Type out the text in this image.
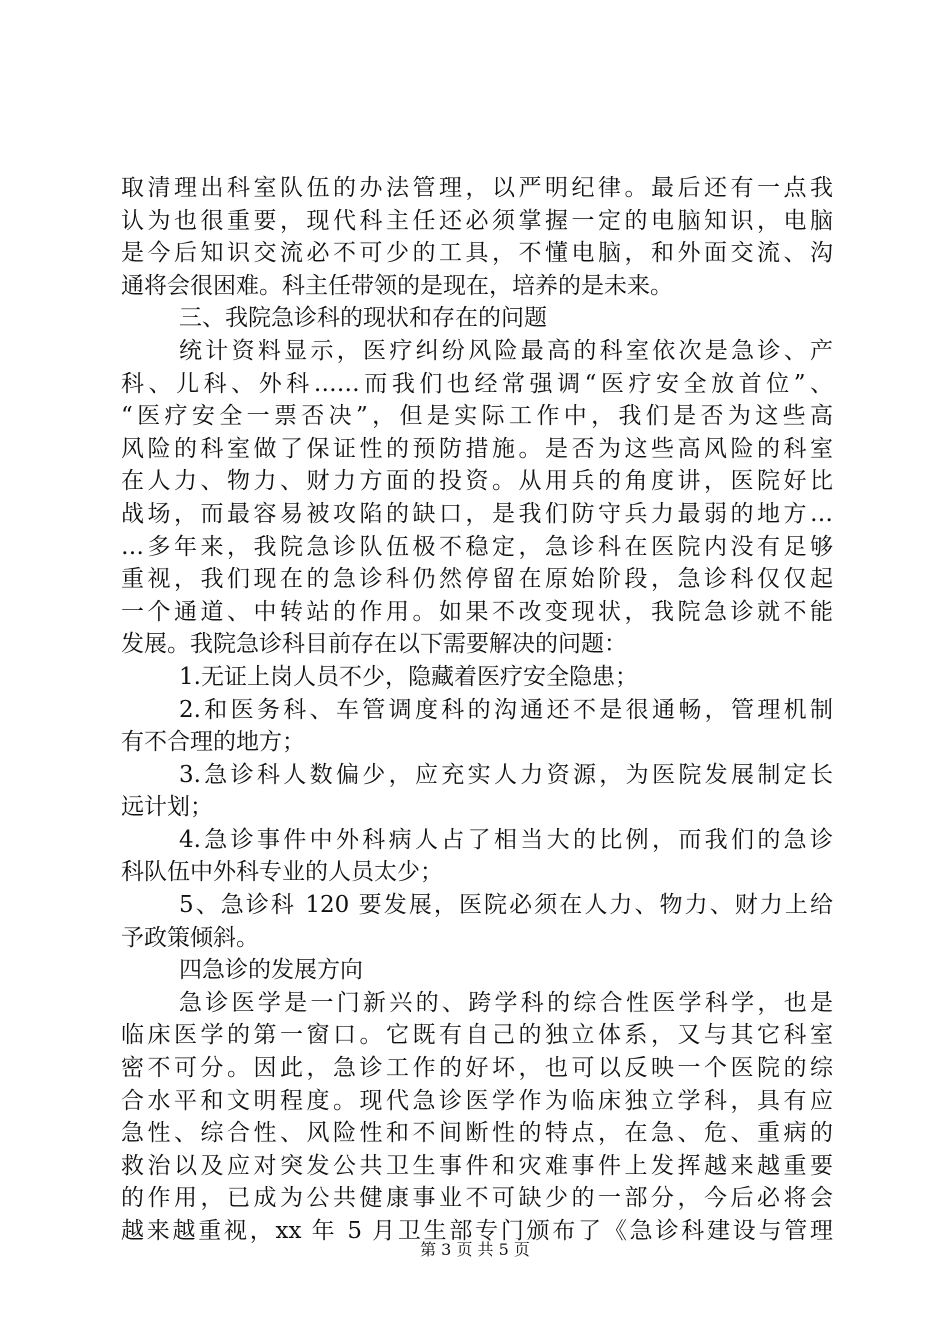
取清理出科室队伍的办法管理，以严明纪律。最后还有一点我
认为也很重要，现代科主任还必须掌握一定的电脑知识，电脑
是今后知识交流必不可少的工具，不懂电脑，和外面交流、沟
通将会很困难。科主任带领的是现在，培养的是未来。
三、我院急诊科的现状和存在的问题
统计资料显示，医疗纠纷风险最高的科室依次是急诊、产
科、儿科、外科……而我们也经常强调“医疗安全放首位”、
“医疗安全一票否决”，但是实际工作中，我们是否为这些高
风险的科室做了保证性的预防措施。是否为这些高风险的科室
在人力、物力、财力方面的投资。从用兵的角度讲，医院好比
战场，而最容易被攻陷的缺口，是我们防守兵力最弱的地方…
…多年来，我院急诊队伍极不稳定，急诊科在医院内没有足够
重视，我们现在的急诊科仍然停留在原始阶段，急诊科仅仅起
一个通道、中转站的作用。如果不改变现状，我院急诊就不能
发展。我院急诊科目前存在以下需要解决的问题：
1.无证上岗人员不少，隐藏着医疗安全隐患；
2.和医务科、车管调度科的沟通还不是很通畅，管理机制
有不合理的地方；
3.急诊科人数偏少，应充实人力资源，为医院发展制定长
远计划；
4.急诊事件中外科病人占了相当大的比例，而我们的急诊
科队伍中外科专业的人员太少；
5、急诊科 120 要发展，医院必须在人力、物力、财力上给
予政策倾斜。
四急诊的发展方向
急诊医学是一门新兴的、跨学科的综合性医学科学，也是
临床医学的第一窗口。它既有自己的独立体系，又与其它科室
密不可分。因此，急诊工作的好坏，也可以反映一个医院的综
合水平和文明程度。现代急诊医学作为临床独立学科，具有应
急性、综合性、风险性和不间断性的特点，在急、危、重病的
救治以及应对突发公共卫生事件和灾难事件上发挥越来越重要
的作用，已成为公共健康事业不可缺少的一部分，今后必将会
越来越重视，xx 年 5 月卫生部专门颁布了《急诊科建设与管理
第 3 页 共 5 页
